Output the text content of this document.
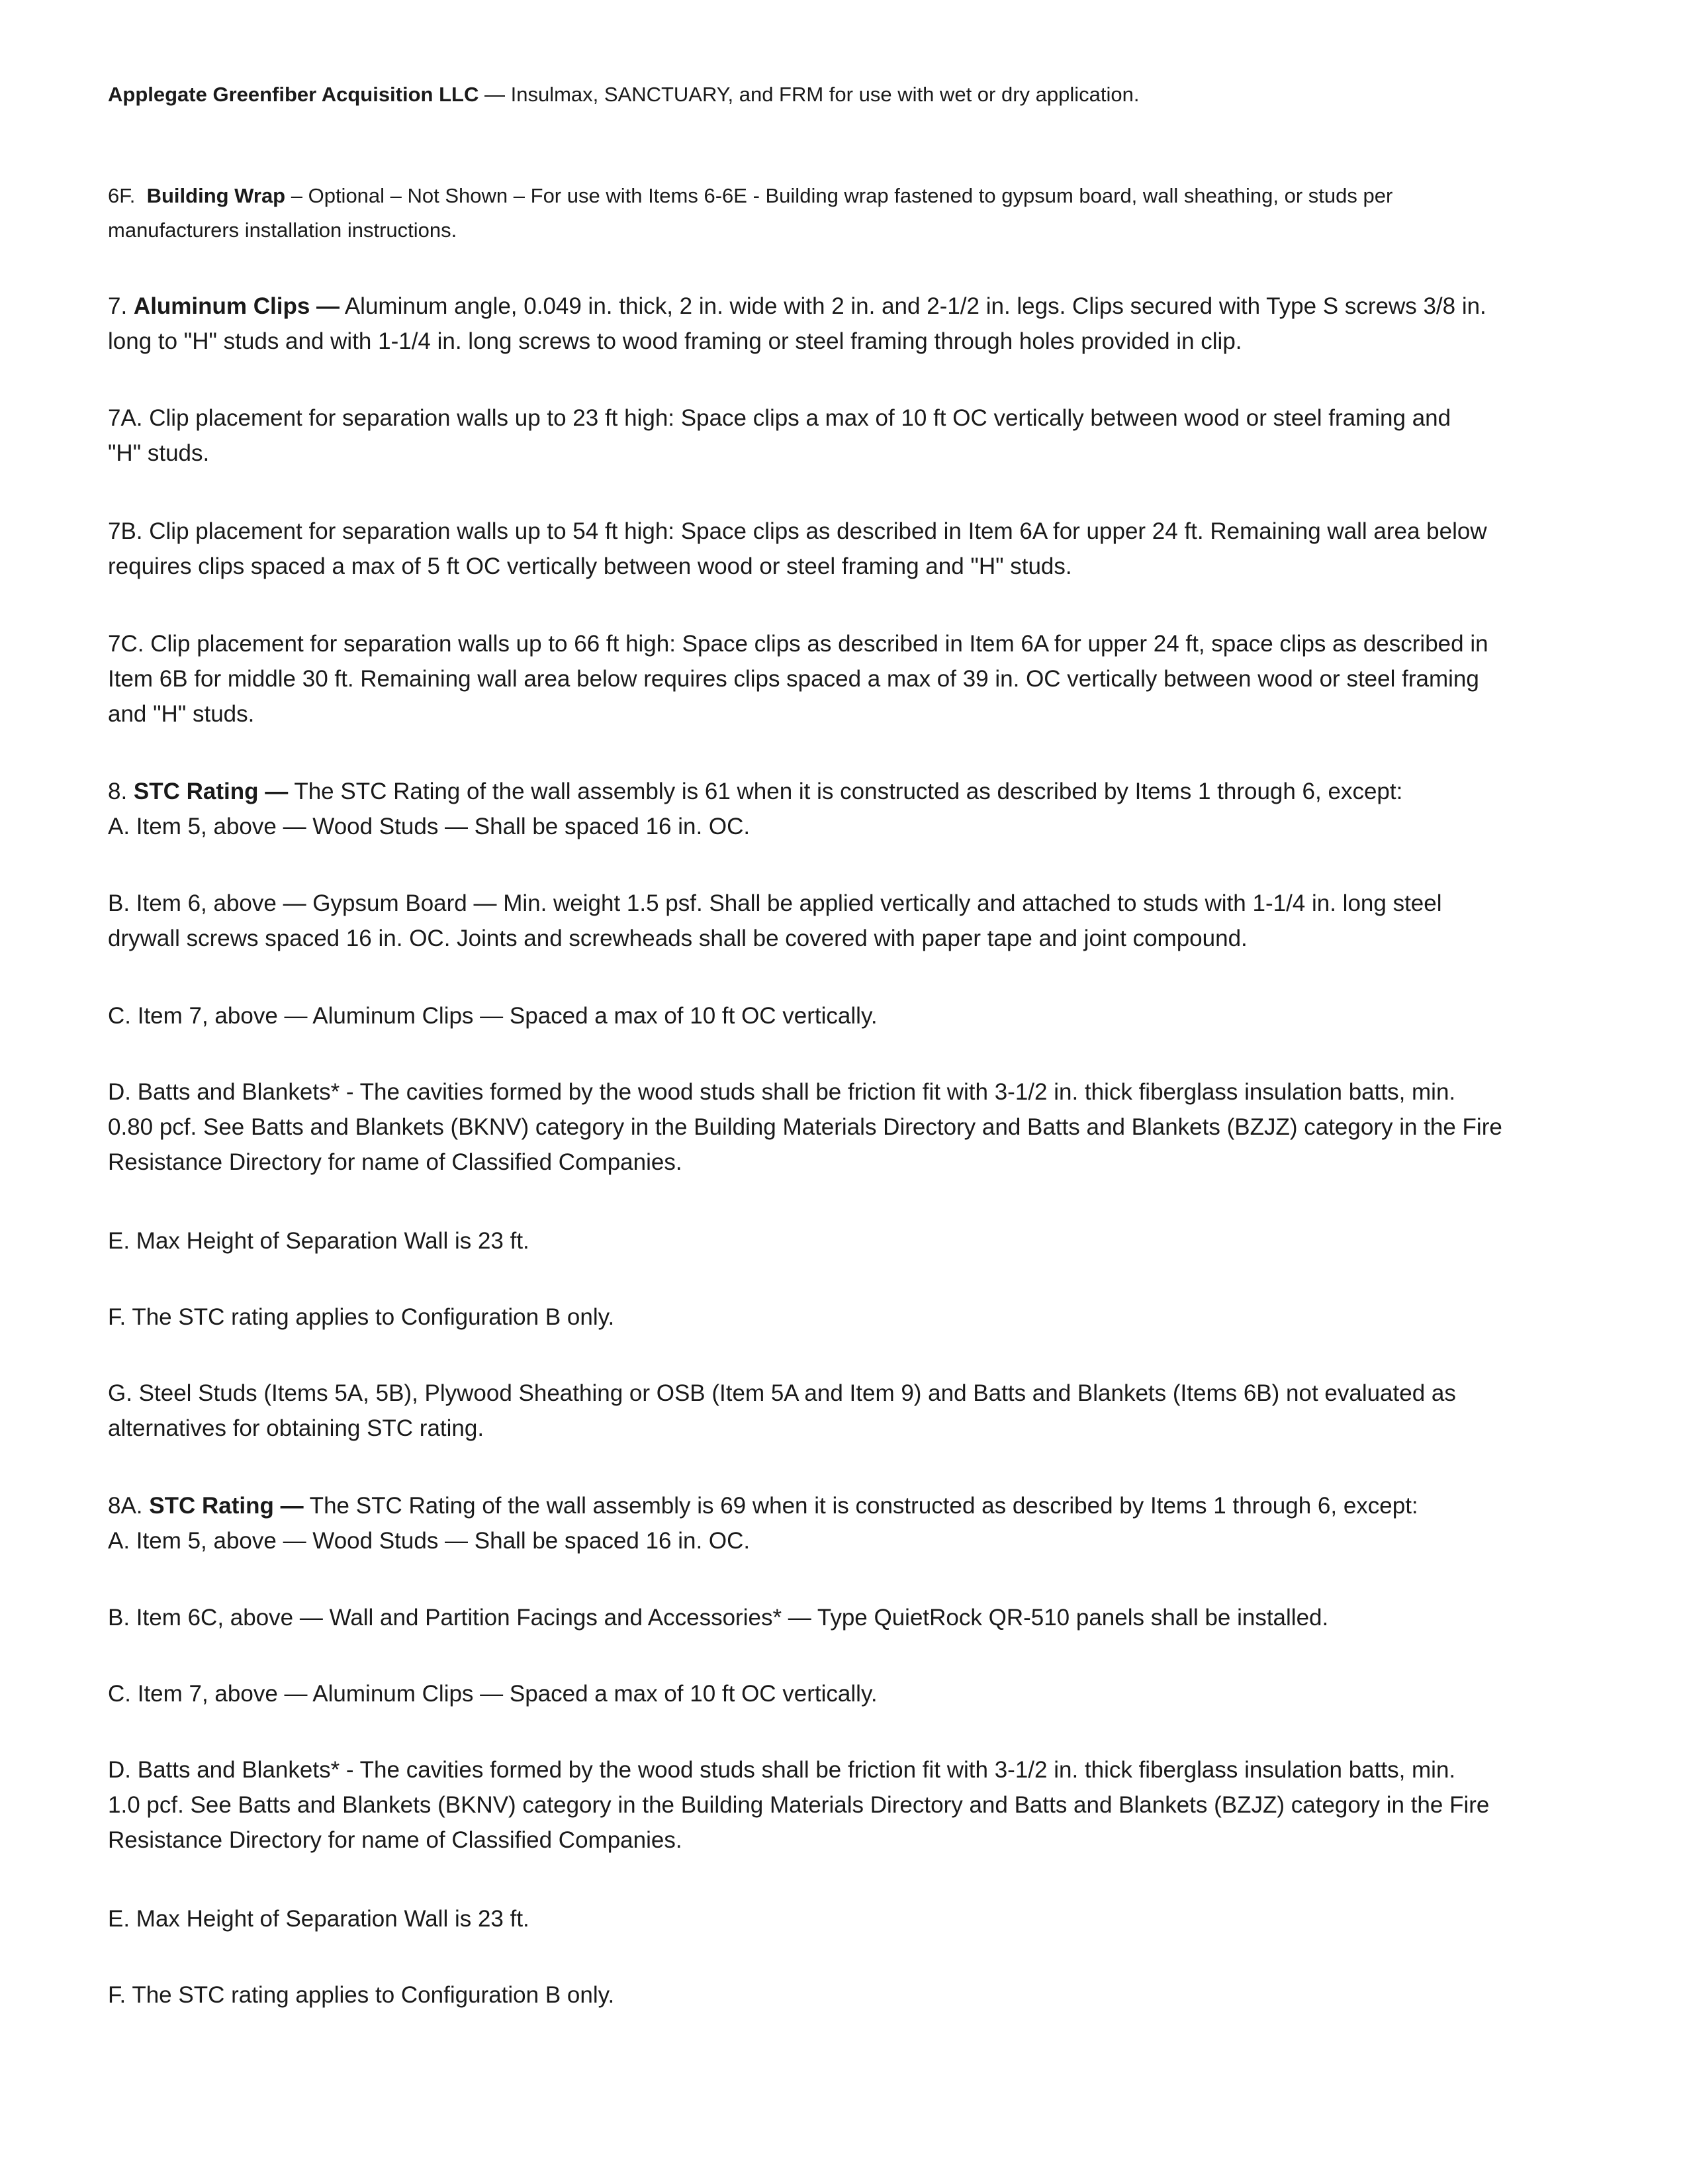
Applegate Greenfiber Acquisition LLC — Insulmax, SANCTUARY, and FRM for use with wet or dry application.
6F.  Building Wrap – Optional – Not Shown – For use with Items 6-6E - Building wrap fastened to gypsum board, wall sheathing, or studs per
manufacturers installation instructions.
7. Aluminum Clips — Aluminum angle, 0.049 in. thick, 2 in. wide with 2 in. and 2-1/2 in. legs. Clips secured with Type S screws 3/8 in.
long to "H" studs and with 1-1/4 in. long screws to wood framing or steel framing through holes provided in clip.
7A. Clip placement for separation walls up to 23 ft high: Space clips a max of 10 ft OC vertically between wood or steel framing and
"H" studs.
7B. Clip placement for separation walls up to 54 ft high: Space clips as described in Item 6A for upper 24 ft. Remaining wall area below
requires clips spaced a max of 5 ft OC vertically between wood or steel framing and "H" studs.
7C. Clip placement for separation walls up to 66 ft high: Space clips as described in Item 6A for upper 24 ft, space clips as described in
Item 6B for middle 30 ft. Remaining wall area below requires clips spaced a max of 39 in. OC vertically between wood or steel framing
and "H" studs.
8. STC Rating — The STC Rating of the wall assembly is 61 when it is constructed as described by Items 1 through 6, except:
A. Item 5, above — Wood Studs — Shall be spaced 16 in. OC.
B. Item 6, above — Gypsum Board — Min. weight 1.5 psf. Shall be applied vertically and attached to studs with 1-1/4 in. long steel
drywall screws spaced 16 in. OC. Joints and screwheads shall be covered with paper tape and joint compound.
C. Item 7, above — Aluminum Clips — Spaced a max of 10 ft OC vertically.
D. Batts and Blankets* - The cavities formed by the wood studs shall be friction fit with 3-1/2 in. thick fiberglass insulation batts, min.
0.80 pcf. See Batts and Blankets (BKNV) category in the Building Materials Directory and Batts and Blankets (BZJZ) category in the Fire
Resistance Directory for name of Classified Companies.
E. Max Height of Separation Wall is 23 ft.
F. The STC rating applies to Configuration B only.
G. Steel Studs (Items 5A, 5B), Plywood Sheathing or OSB (Item 5A and Item 9) and Batts and Blankets (Items 6B) not evaluated as
alternatives for obtaining STC rating.
8A. STC Rating — The STC Rating of the wall assembly is 69 when it is constructed as described by Items 1 through 6, except:
A. Item 5, above — Wood Studs — Shall be spaced 16 in. OC.
B. Item 6C, above — Wall and Partition Facings and Accessories* — Type QuietRock QR-510 panels shall be installed.
C. Item 7, above — Aluminum Clips — Spaced a max of 10 ft OC vertically.
D. Batts and Blankets* - The cavities formed by the wood studs shall be friction fit with 3-1/2 in. thick fiberglass insulation batts, min.
1.0 pcf. See Batts and Blankets (BKNV) category in the Building Materials Directory and Batts and Blankets (BZJZ) category in the Fire
Resistance Directory for name of Classified Companies.
E. Max Height of Separation Wall is 23 ft.
F. The STC rating applies to Configuration B only.
